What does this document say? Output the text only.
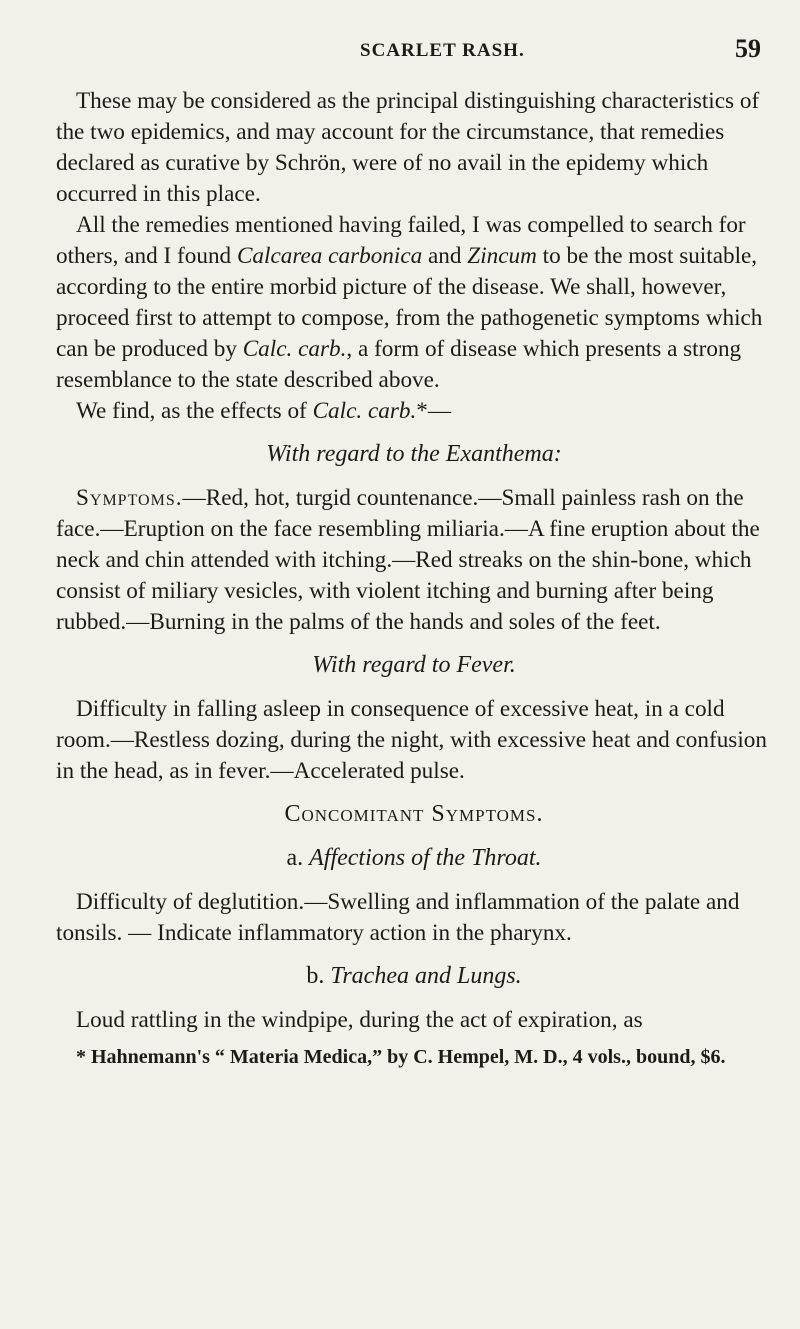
SCARLET RASH.	59

These may be considered as the principal distinguishing characteristics of the two epidemics, and may account for the circumstance, that remedies declared as curative by Schrön, were of no avail in the epidemy which occurred in this place.

All the remedies mentioned having failed, I was compelled to search for others, and I found Calcarea carbonica and Zincum to be the most suitable, according to the entire morbid picture of the disease. We shall, however, proceed first to attempt to compose, from the pathogenetic symptoms which can be produced by Calc. carb., a form of disease which presents a strong resemblance to the state described above.

We find, as the effects of Calc. carb.*—

With regard to the Exanthema:

Symptoms.—Red, hot, turgid countenance.—Small painless rash on the face.—Eruption on the face resembling miliaria.—A fine eruption about the neck and chin attended with itching.—Red streaks on the shin-bone, which consist of miliary vesicles, with violent itching and burning after being rubbed.—Burning in the palms of the hands and soles of the feet.

With regard to Fever.

Difficulty in falling asleep in consequence of excessive heat, in a cold room.—Restless dozing, during the night, with excessive heat and confusion in the head, as in fever.—Accelerated pulse.

Concomitant Symptoms.
a. Affections of the Throat.

Difficulty of deglutition.—Swelling and inflammation of the palate and tonsils. — Indicate inflammatory action in the pharynx.

b. Trachea and Lungs.

Loud rattling in the windpipe, during the act of expiration, as

* Hahnemann's “ Materia Medica,” by C. Hempel, M. D., 4 vols., bound, $6.
